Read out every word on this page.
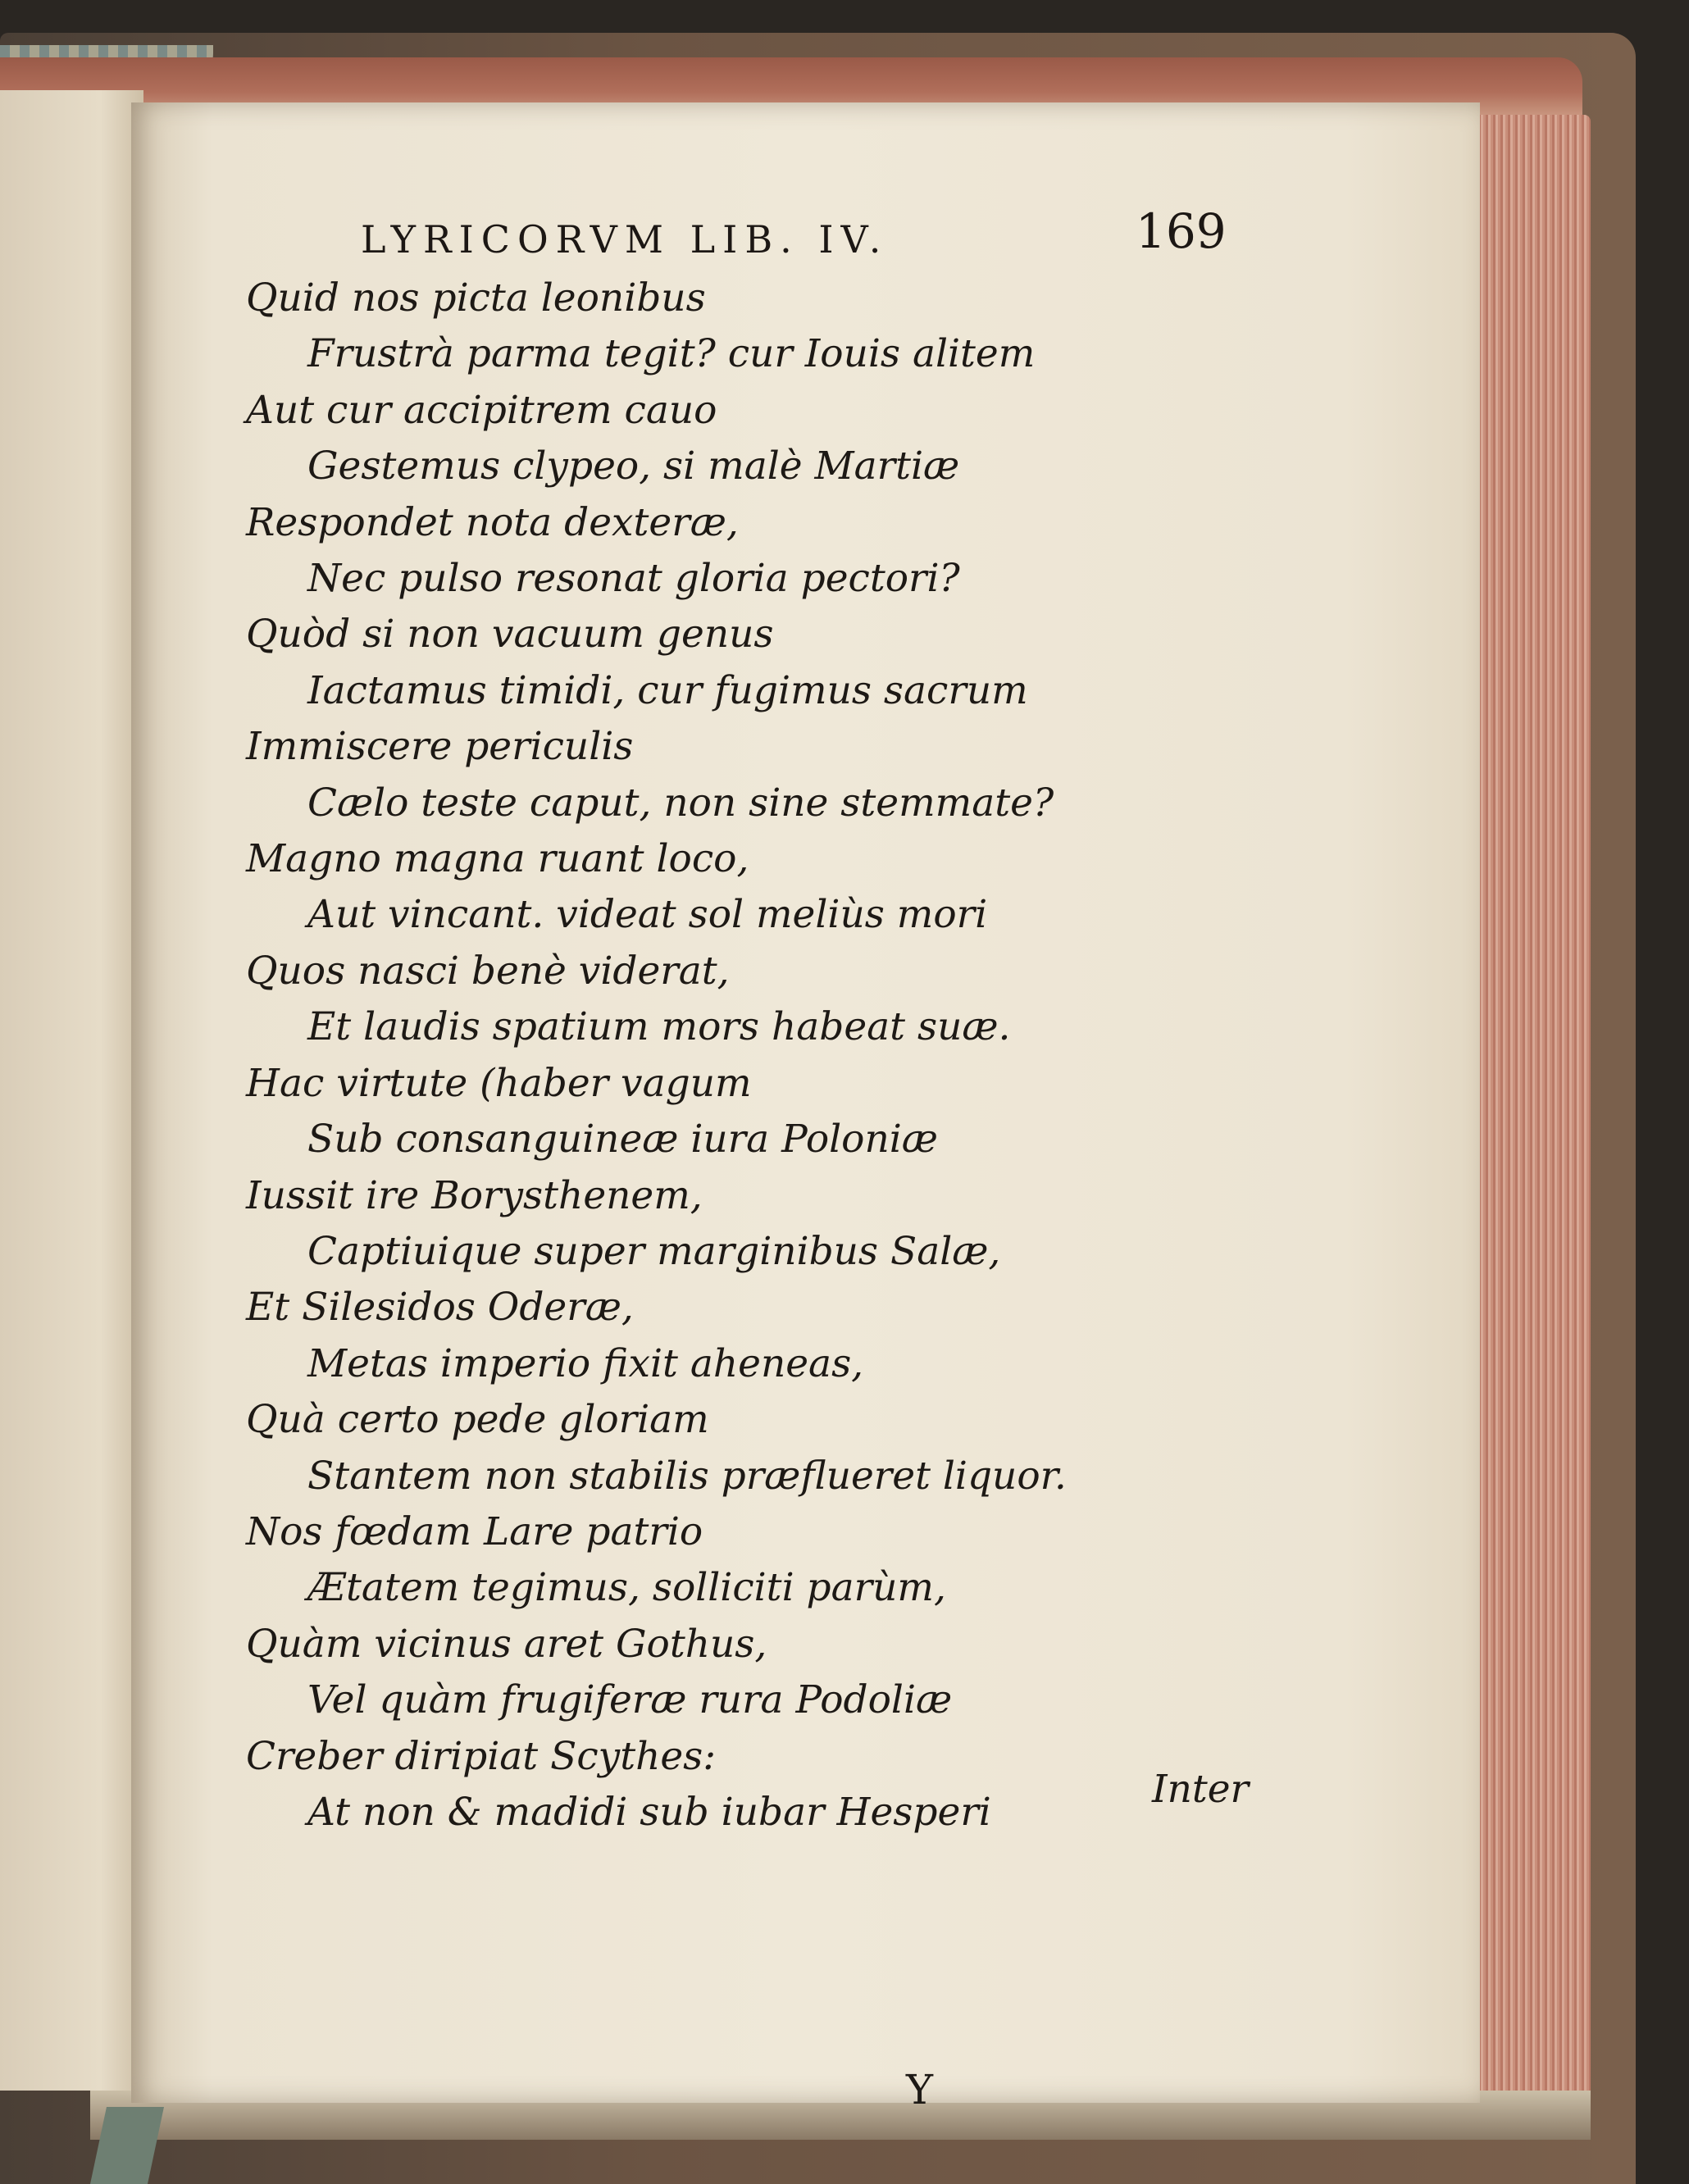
LYRICORVM LIB. IV.	169
Quid nos picta leonibus
Frustrà parma tegit? cur Iouis alitem
Aut cur accipitrem cauo
Gestemus clypeo, si malè Martiæ
Respondet nota dexteræ,
Nec pulso resonat gloria pectori?
Quòd si non vacuum genus
Iactamus timidi, cur fugimus sacrum
Immiscere periculis
Cælo teste caput, non sine stemmate?
Magno magna ruant loco,
Aut vincant. videat sol meliùs mori
Quos nasci benè viderat,
Et laudis spatium mors habeat suæ.
Hac virtute (haber vagum
Sub consanguineæ iura Poloniæ
Iussit ire Borysthenem,
Captiuique super marginibus Salæ,
Et Silesidos Oderæ,
Metas imperio fixit aheneas,
Quà certo pede gloriam
Stantem non stabilis præflueret liquor.
Nos fœdam Lare patrio
Ætatem tegimus, solliciti parùm,
Quàm vicinus aret Gothus,
Vel quàm frugiferæ rura Podoliæ
Creber diripiat Scythes:
At non & madidi sub iubar Hesperi
Y
Inter
